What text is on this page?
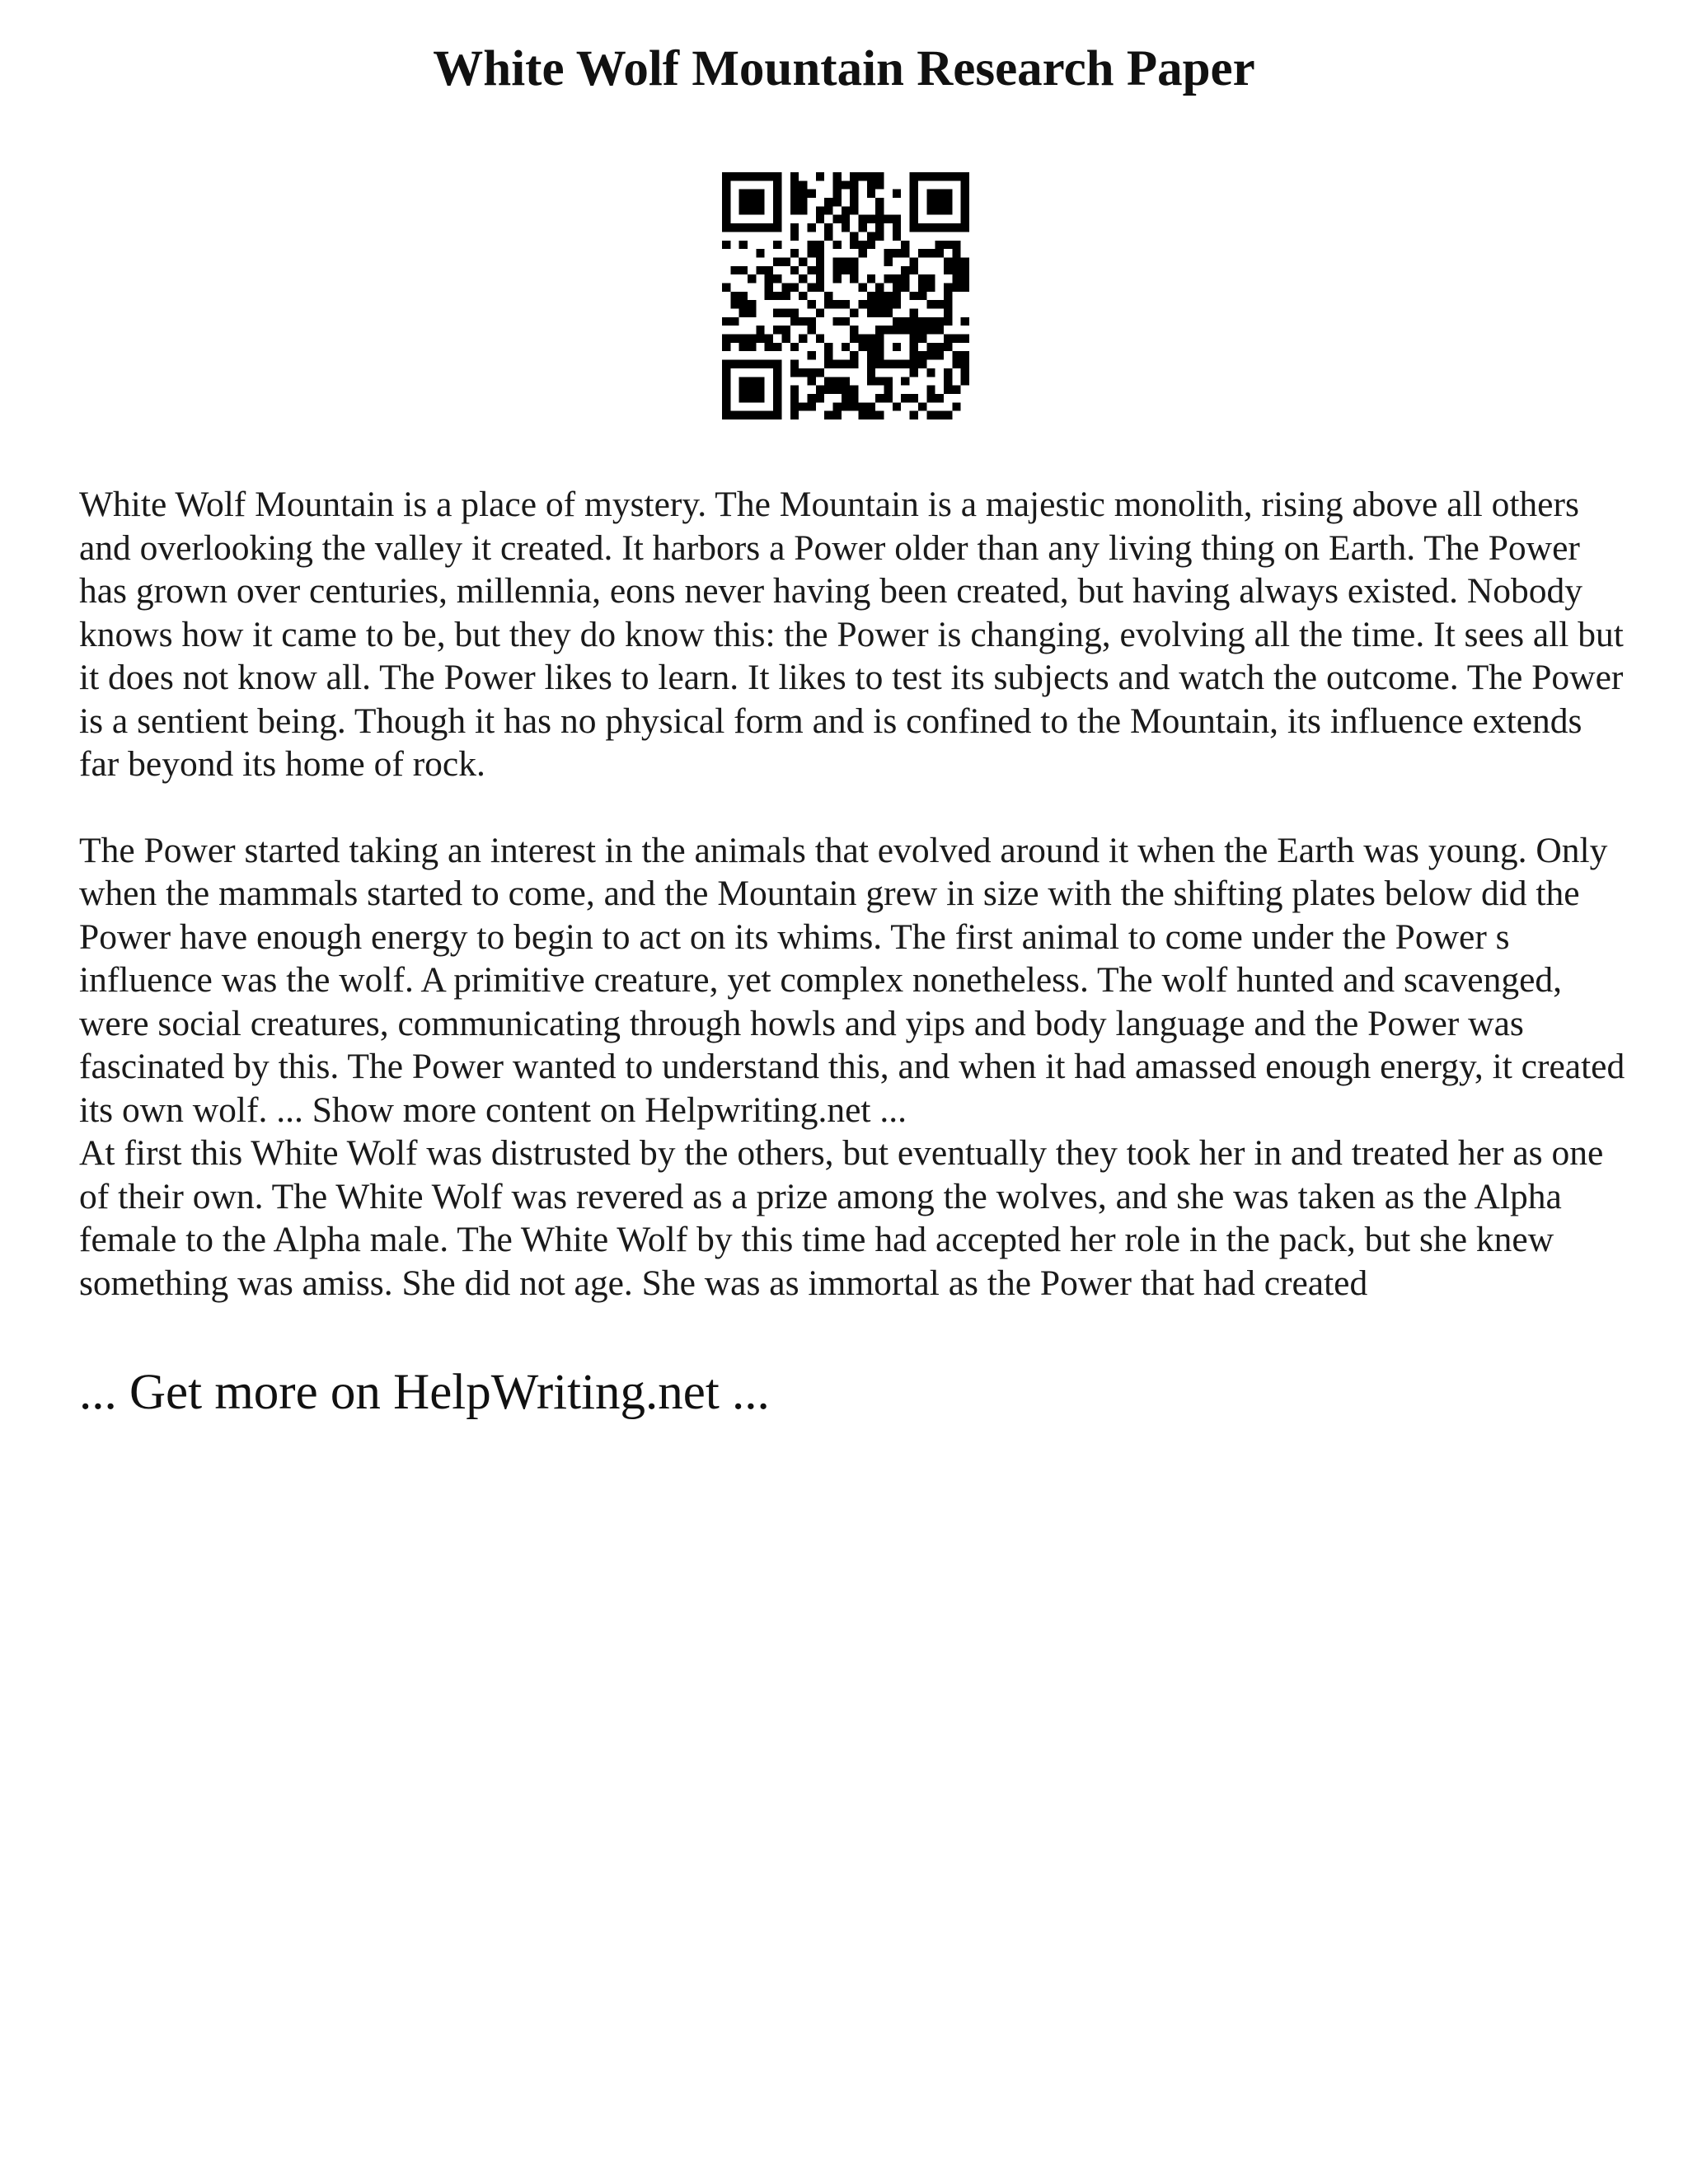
White Wolf Mountain Research Paper

White Wolf Mountain is a place of mystery. The Mountain is a majestic monolith, rising above all others and overlooking the valley it created. It harbors a Power older than any living thing on Earth. The Power has grown over centuries, millennia, eons never having been created, but having always existed. Nobody knows how it came to be, but they do know this: the Power is changing, evolving all the time. It sees all but it does not know all. The Power likes to learn. It likes to test its subjects and watch the outcome. The Power is a sentient being. Though it has no physical form and is confined to the Mountain, its influence extends far beyond its home of rock.

The Power started taking an interest in the animals that evolved around it when the Earth was young. Only when the mammals started to come, and the Mountain grew in size with the shifting plates below did the Power have enough energy to begin to act on its whims. The first animal to come under the Power s influence was the wolf. A primitive creature, yet complex nonetheless. The wolf hunted and scavenged, were social creatures, communicating through howls and yips and body language and the Power was fascinated by this. The Power wanted to understand this, and when it had amassed enough energy, it created its own wolf. ... Show more content on Helpwriting.net ...

At first this White Wolf was distrusted by the others, but eventually they took her in and treated her as one of their own. The White Wolf was revered as a prize among the wolves, and she was taken as the Alpha female to the Alpha male. The White Wolf by this time had accepted her role in the pack, but she knew something was amiss. She did not age. She was as immortal as the Power that had created

... Get more on HelpWriting.net ...
